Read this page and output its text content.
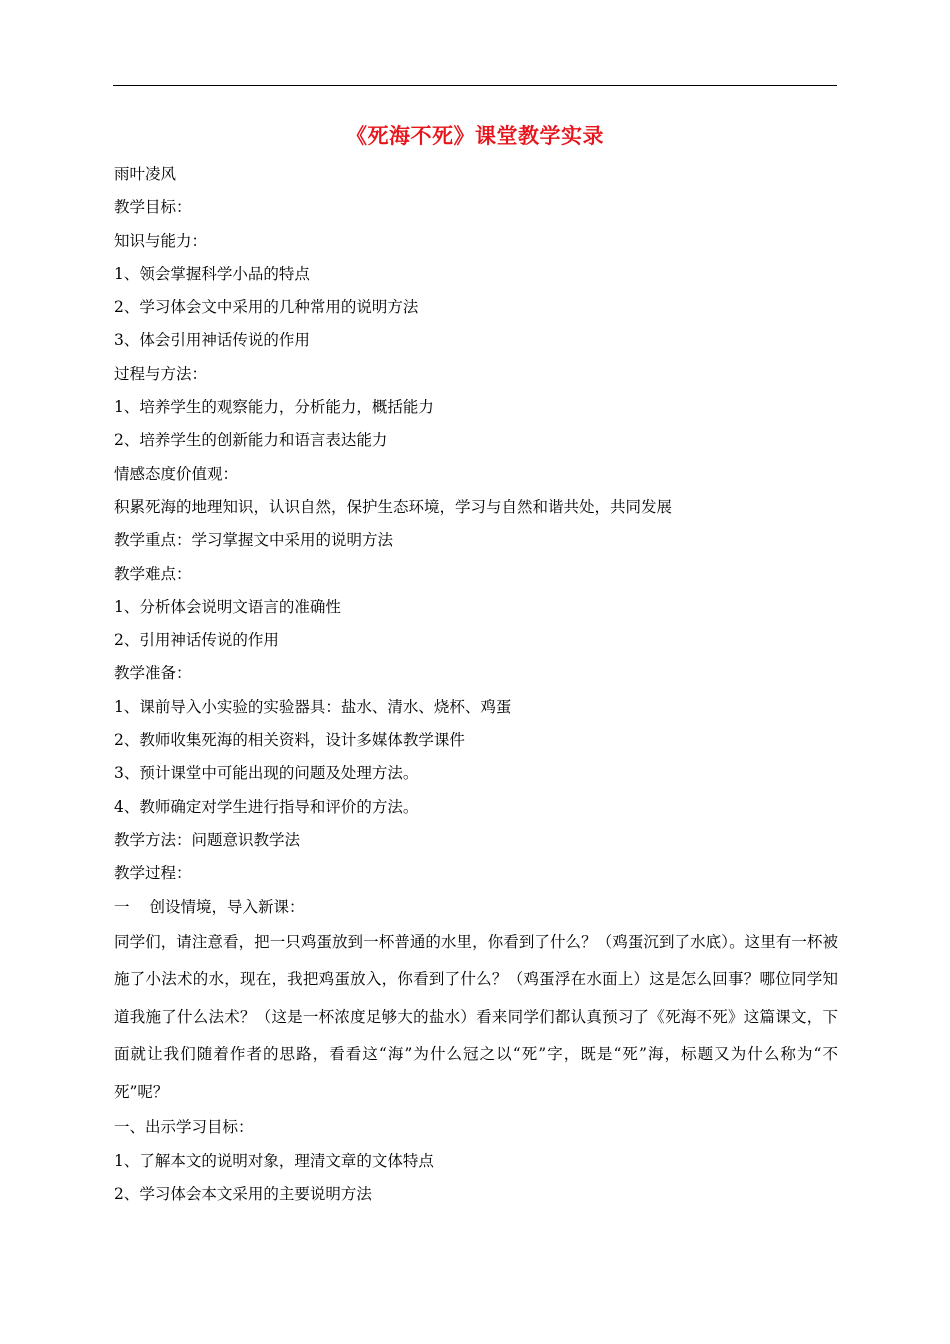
《死海不死》课堂教学实录
雨叶凌风
教学目标：
知识与能力：
1、领会掌握科学小品的特点
2、学习体会文中采用的几种常用的说明方法
3、体会引用神话传说的作用
过程与方法：
1、培养学生的观察能力，分析能力，概括能力
2、培养学生的创新能力和语言表达能力
情感态度价值观：
积累死海的地理知识，认识自然，保护生态环境，学习与自然和谐共处，共同发展
教学重点：学习掌握文中采用的说明方法
教学难点：
1、分析体会说明文语言的准确性
2、引用神话传说的作用
教学准备：
1、课前导入小实验的实验器具：盐水、清水、烧杯、鸡蛋
2、教师收集死海的相关资料，设计多媒体教学课件
3、预计课堂中可能出现的问题及处理方法。
4、教师确定对学生进行指导和评价的方法。
教学方法：问题意识教学法
教学过程：
一 创设情境，导入新课：

同学们，请注意看，把一只鸡蛋放到一杯普通的水里，你看到了什么？（鸡蛋沉到了水底）。这里有一杯被施了小法术的水，现在，我把鸡蛋放入，你看到了什么？（鸡蛋浮在水面上）这是怎么回事？哪位同学知道我施了什么法术？（这是一杯浓度足够大的盐水）看来同学们都认真预习了《死海不死》这篇课文，下面就让我们随着作者的思路，看看这“海”为什么冠之以“死”字，既是“死”海，标题又为什么称为“不死”呢？

一、出示学习目标：
1、了解本文的说明对象，理清文章的文体特点
2、学习体会本文采用的主要说明方法
